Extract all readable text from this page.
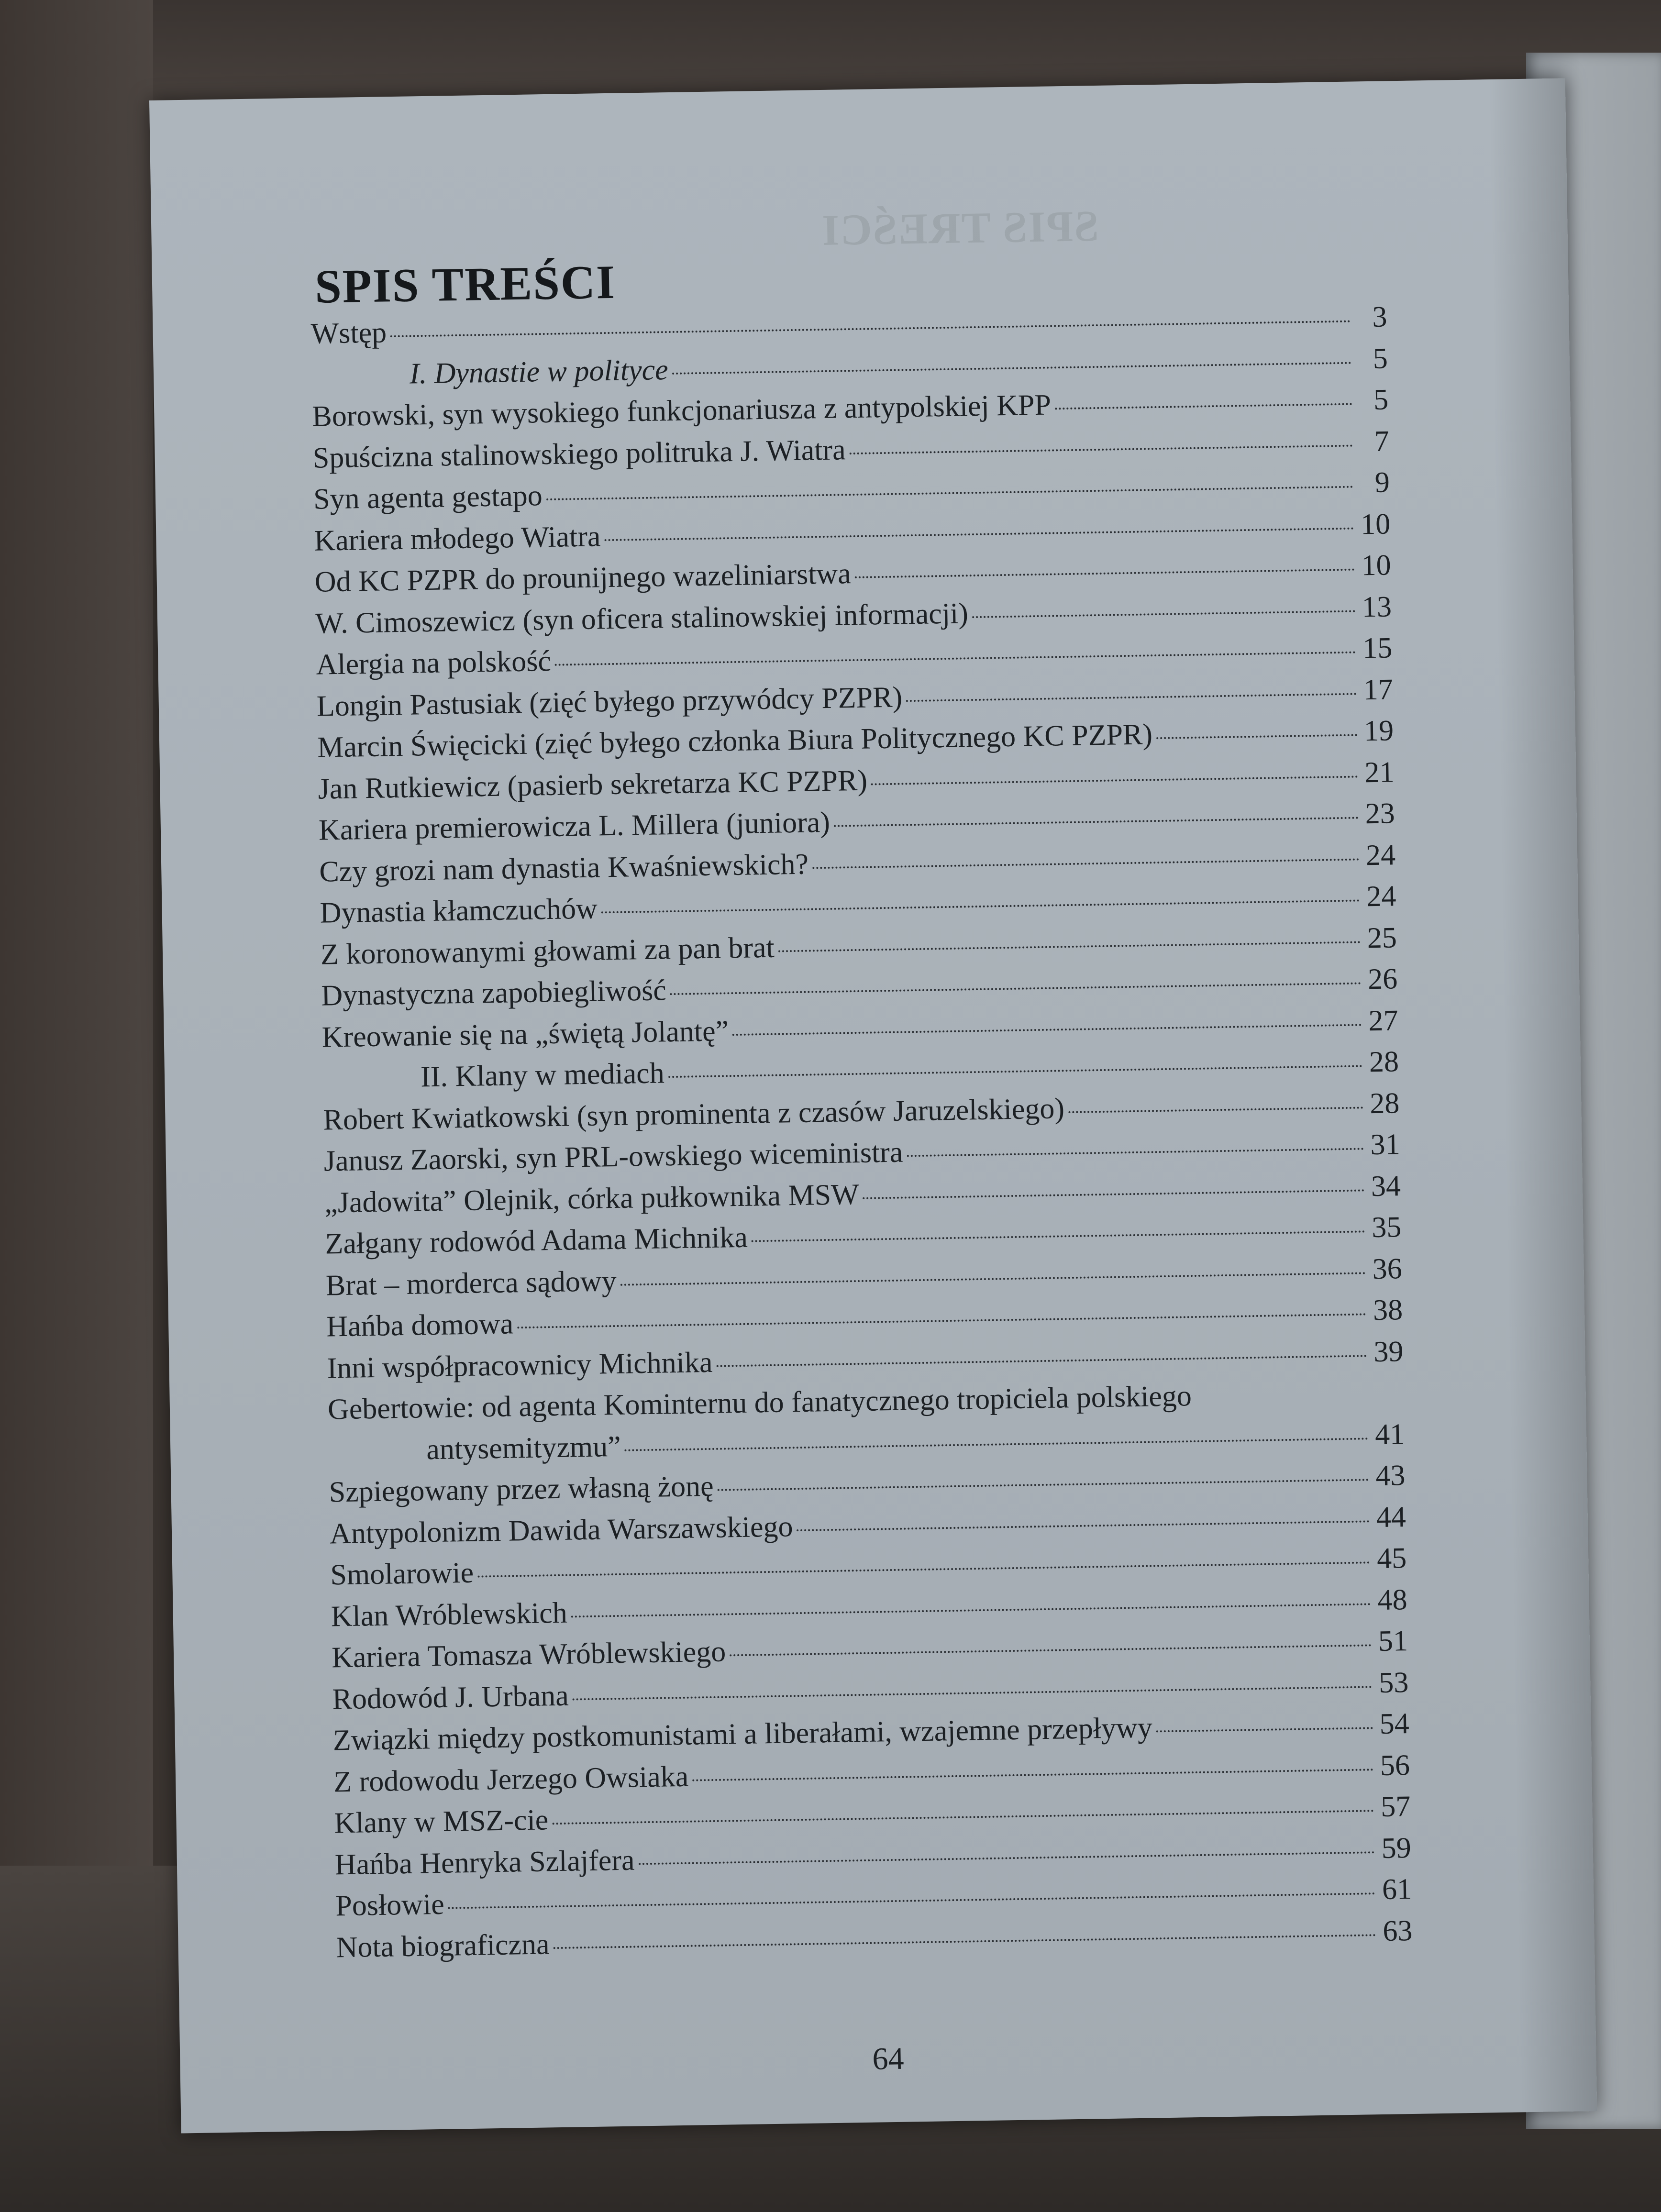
SPIS TREŚCI
SPIS TREŚCI
Wstęp	3
I. Dynastie w polityce	5
Borowski, syn wysokiego funkcjonariusza z antypolskiej KPP	5
Spuścizna stalinowskiego politruka J. Wiatra	7
Syn agenta gestapo	9
Kariera młodego Wiatra	10
Od KC PZPR do prounijnego wazeliniarstwa	10
W. Cimoszewicz (syn oficera stalinowskiej informacji)	13
Alergia na polskość	15
Longin Pastusiak (zięć byłego przywódcy PZPR)	17
Marcin Święcicki (zięć byłego członka Biura Politycznego KC PZPR)	19
Jan Rutkiewicz (pasierb sekretarza KC PZPR)	21
Kariera premierowicza L. Millera (juniora)	23
Czy grozi nam dynastia Kwaśniewskich?	24
Dynastia kłamczuchów	24
Z koronowanymi głowami za pan brat	25
Dynastyczna zapobiegliwość	26
Kreowanie się na „świętą Jolantę”	27
II. Klany w mediach	28
Robert Kwiatkowski (syn prominenta z czasów Jaruzelskiego)	28
Janusz Zaorski, syn PRL-owskiego wiceministra	31
„Jadowita” Olejnik, córka pułkownika MSW	34
Załgany rodowód Adama Michnika	35
Brat – morderca sądowy	36
Hańba domowa	38
Inni współpracownicy Michnika	39
Gebertowie: od agenta Kominternu do fanatycznego tropiciela polskiego
antysemityzmu”	41
Szpiegowany przez własną żonę	43
Antypolonizm Dawida Warszawskiego	44
Smolarowie	45
Klan Wróblewskich	48
Kariera Tomasza Wróblewskiego	51
Rodowód J. Urbana	53
Związki między postkomunistami a liberałami, wzajemne przepływy	54
Z rodowodu Jerzego Owsiaka	56
Klany w MSZ-cie	57
Hańba Henryka Szlajfera	59
Posłowie	61
Nota biograficzna	63
64
